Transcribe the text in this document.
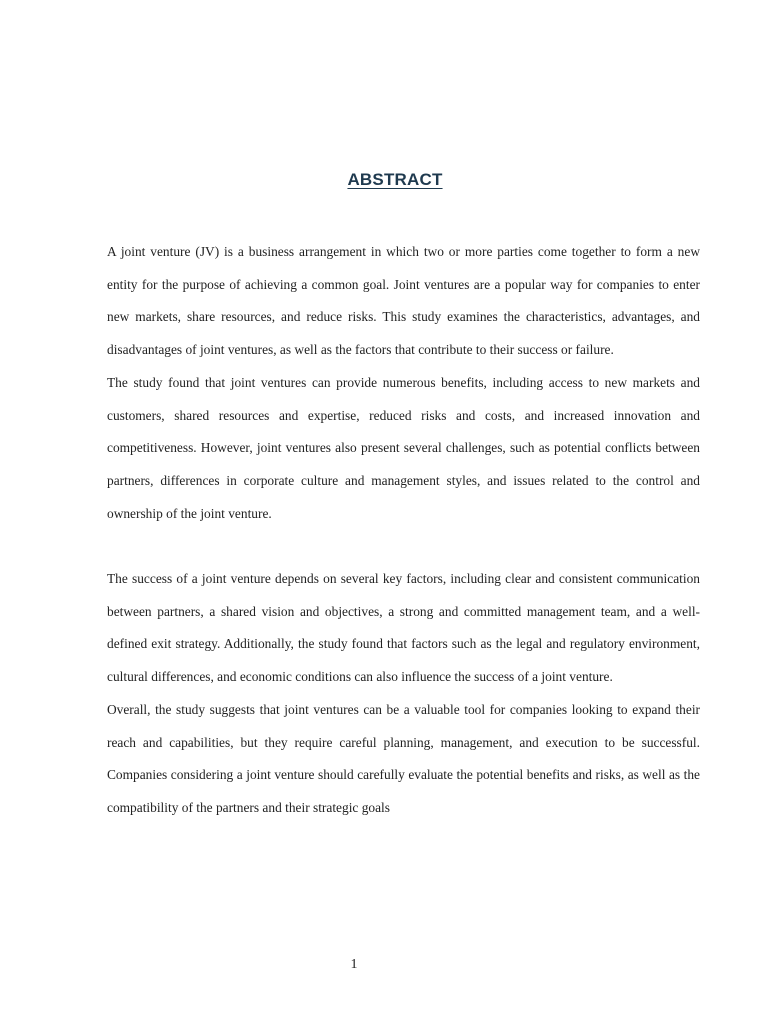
ABSTRACT

A joint venture (JV) is a business arrangement in which two or more parties come together to form a new entity for the purpose of achieving a common goal. Joint ventures are a popular way for companies to enter new markets, share resources, and reduce risks. This study examines the characteristics, advantages, and disadvantages of joint ventures, as well as the factors that contribute to their success or failure.

The study found that joint ventures can provide numerous benefits, including access to new markets and customers, shared resources and expertise, reduced risks and costs, and increased innovation and competitiveness. However, joint ventures also present several challenges, such as potential conflicts between partners, differences in corporate culture and management styles, and issues related to the control and ownership of the joint venture.

The success of a joint venture depends on several key factors, including clear and consistent communication between partners, a shared vision and objectives, a strong and committed management team, and a well-defined exit strategy. Additionally, the study found that factors such as the legal and regulatory environment, cultural differences, and economic conditions can also influence the success of a joint venture.

Overall, the study suggests that joint ventures can be a valuable tool for companies looking to expand their reach and capabilities, but they require careful planning, management, and execution to be successful. Companies considering a joint venture should carefully evaluate the potential benefits and risks, as well as the compatibility of the partners and their strategic goals

1
